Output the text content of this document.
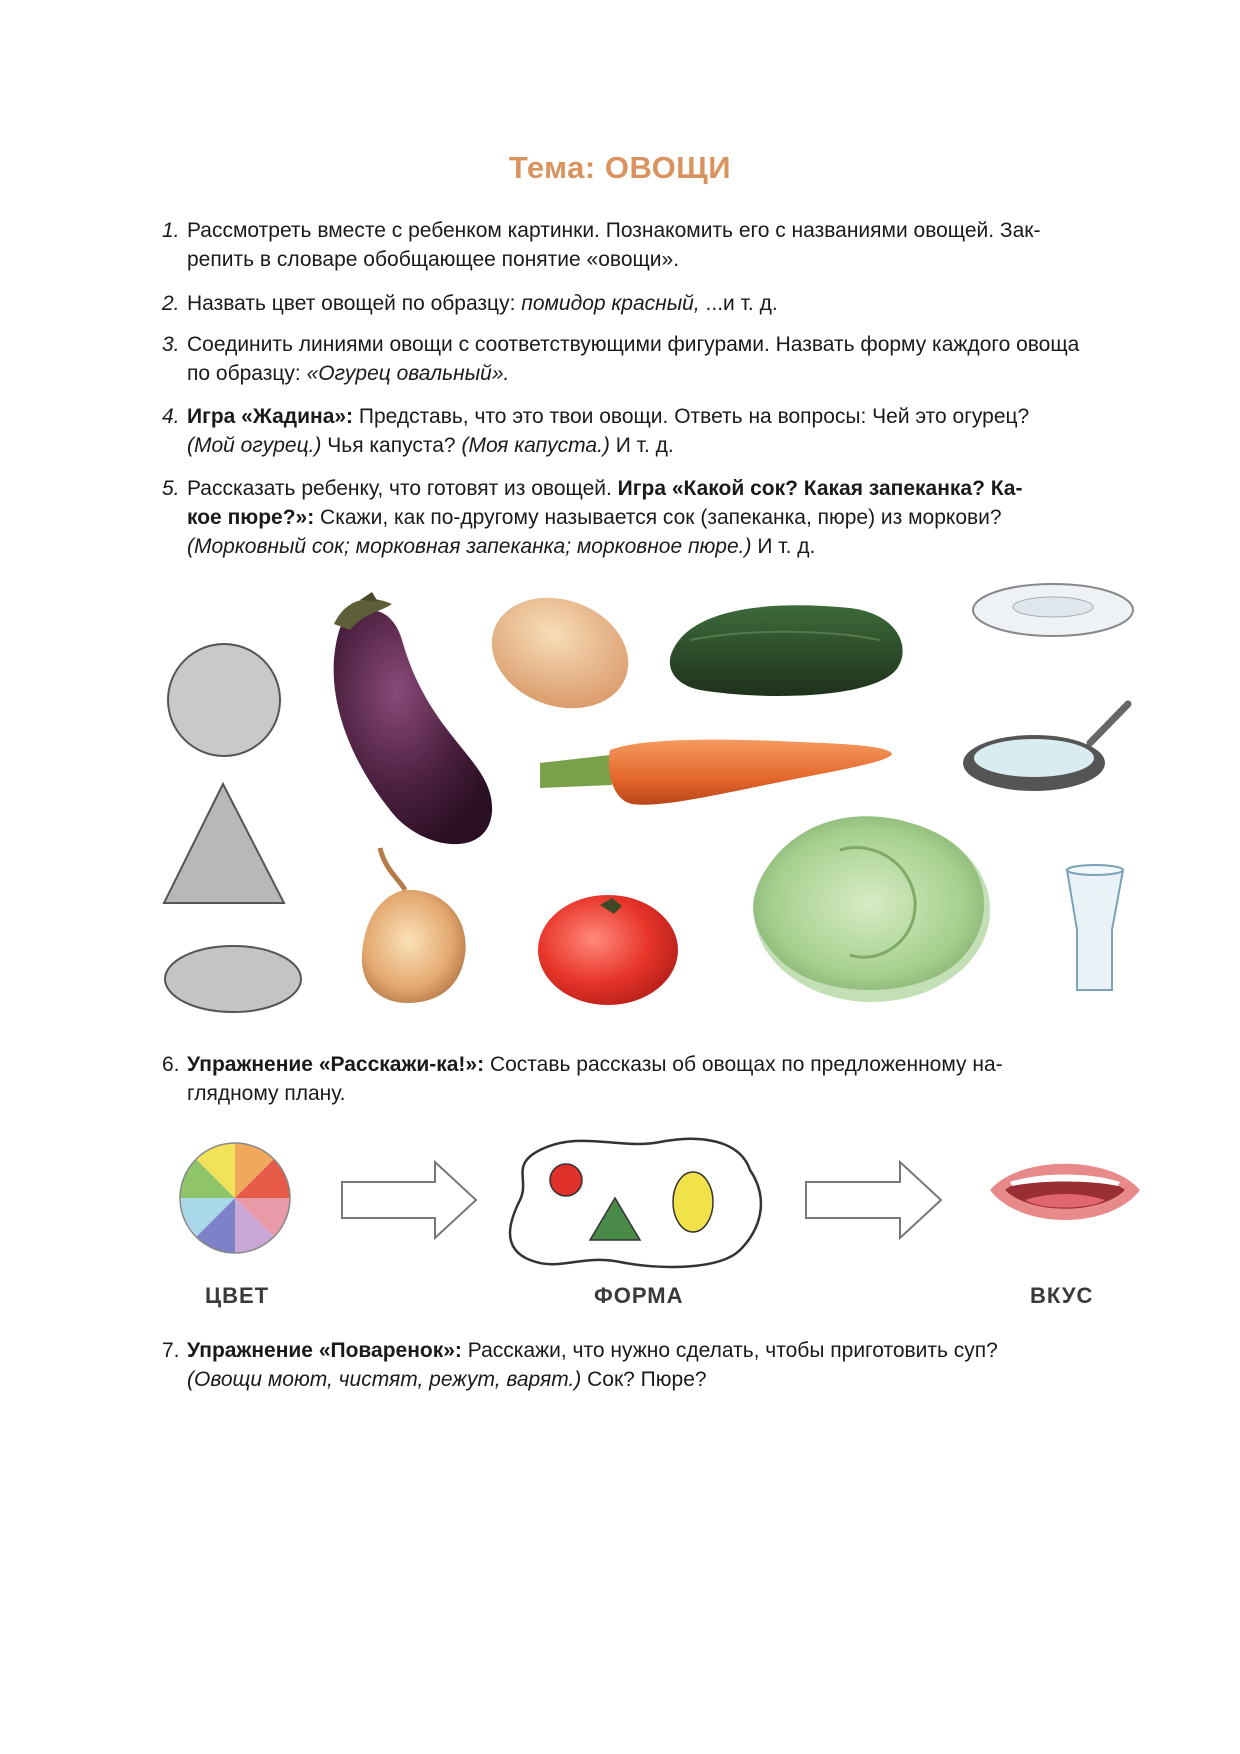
Тема: ОВОЩИ
1. Рассмотреть вместе с ребенком картинки. Познакомить его с названиями овощей. Зак-
репить в словаре обобщающее понятие «овощи».
2. Назвать цвет овощей по образцу: помидор красный, ...и т. д.
3. Соединить линиями овощи с соответствующими фигурами. Назвать форму каждого овоща
по образцу: «Огурец овальный».
4. Игра «Жадина»: Представь, что это твои овощи. Ответь на вопросы: Чей это огурец?
(Мой огурец.) Чья капуста? (Моя капуста.) И т. д.
5. Рассказать ребенку, что готовят из овощей. Игра «Какой сок? Какая запеканка? Ка-
кое пюре?»: Скажи, как по-другому называется сок (запеканка, пюре) из моркови?
(Морковный сок; морковная запеканка; морковное пюре.) И т. д.
6. Упражнение «Расскажи-ка!»: Составь рассказы об овощах по предложенному на-
глядному плану.
ЦВЕТ	ФОРМА	ВКУС
7. Упражнение «Поваренок»: Расскажи, что нужно сделать, чтобы приготовить суп?
(Овощи моют, чистят, режут, варят.) Сок? Пюре?
